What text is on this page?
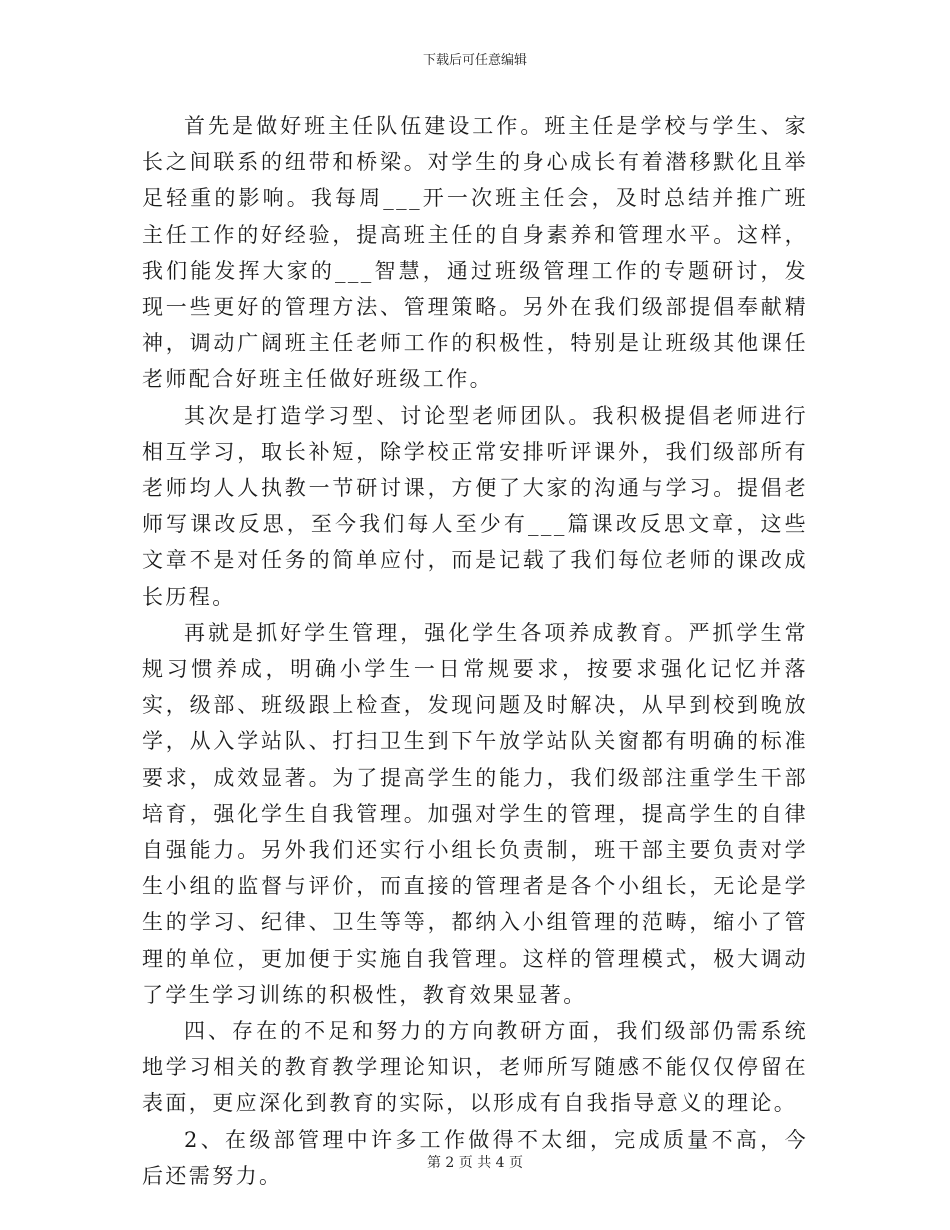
下载后可任意编辑

首先是做好班主任队伍建设工作。班主任是学校与学生、家长之间联系的纽带和桥梁。对学生的身心成长有着潜移默化且举足轻重的影响。我每周___开一次班主任会，及时总结并推广班主任工作的好经验，提高班主任的自身素养和管理水平。这样，我们能发挥大家的___智慧，通过班级管理工作的专题研讨，发现一些更好的管理方法、管理策略。另外在我们级部提倡奉献精神，调动广阔班主任老师工作的积极性，特别是让班级其他课任老师配合好班主任做好班级工作。

其次是打造学习型、讨论型老师团队。我积极提倡老师进行相互学习，取长补短，除学校正常安排听评课外，我们级部所有老师均人人执教一节研讨课，方便了大家的沟通与学习。提倡老师写课改反思，至今我们每人至少有___篇课改反思文章，这些文章不是对任务的简单应付，而是记载了我们每位老师的课改成长历程。

再就是抓好学生管理，强化学生各项养成教育。严抓学生常规习惯养成，明确小学生一日常规要求，按要求强化记忆并落实，级部、班级跟上检查，发现问题及时解决，从早到校到晚放学，从入学站队、打扫卫生到下午放学站队关窗都有明确的标准要求，成效显著。为了提高学生的能力，我们级部注重学生干部培育，强化学生自我管理。加强对学生的管理，提高学生的自律自强能力。另外我们还实行小组长负责制，班干部主要负责对学生小组的监督与评价，而直接的管理者是各个小组长，无论是学生的学习、纪律、卫生等等，都纳入小组管理的范畴，缩小了管理的单位，更加便于实施自我管理。这样的管理模式，极大调动了学生学习训练的积极性，教育效果显著。

四、存在的不足和努力的方向教研方面，我们级部仍需系统地学习相关的教育教学理论知识，老师所写随感不能仅仅停留在表面，更应深化到教育的实际，以形成有自我指导意义的理论。

2、在级部管理中许多工作做得不太细，完成质量不高，今后还需努力。

第 2 页 共 4 页
